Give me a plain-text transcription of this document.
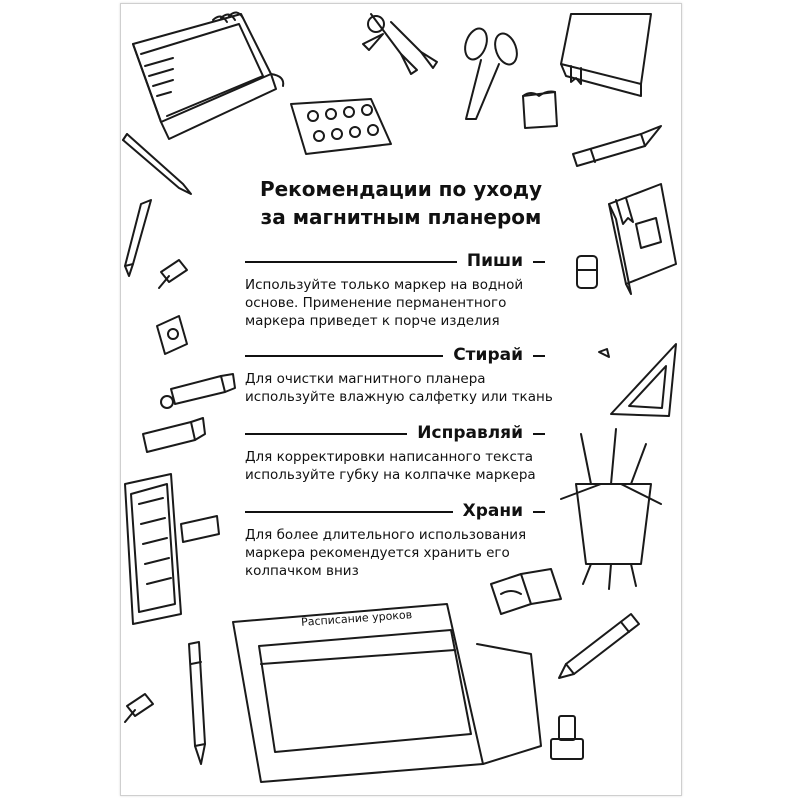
Рекомендации по уходу
за магнитным планером
Пиши
Используйте только маркер на водной
основе. Применение перманентного
маркера приведет к порче изделия
Стирай
Для очистки магнитного планера
используйте влажную салфетку или ткань
Исправляй
Для корректировки написанного текста
используйте губку на колпачке маркера
Храни
Для более длительного использования
маркера рекомендуется хранить его
колпачком вниз
Расписание уроков
